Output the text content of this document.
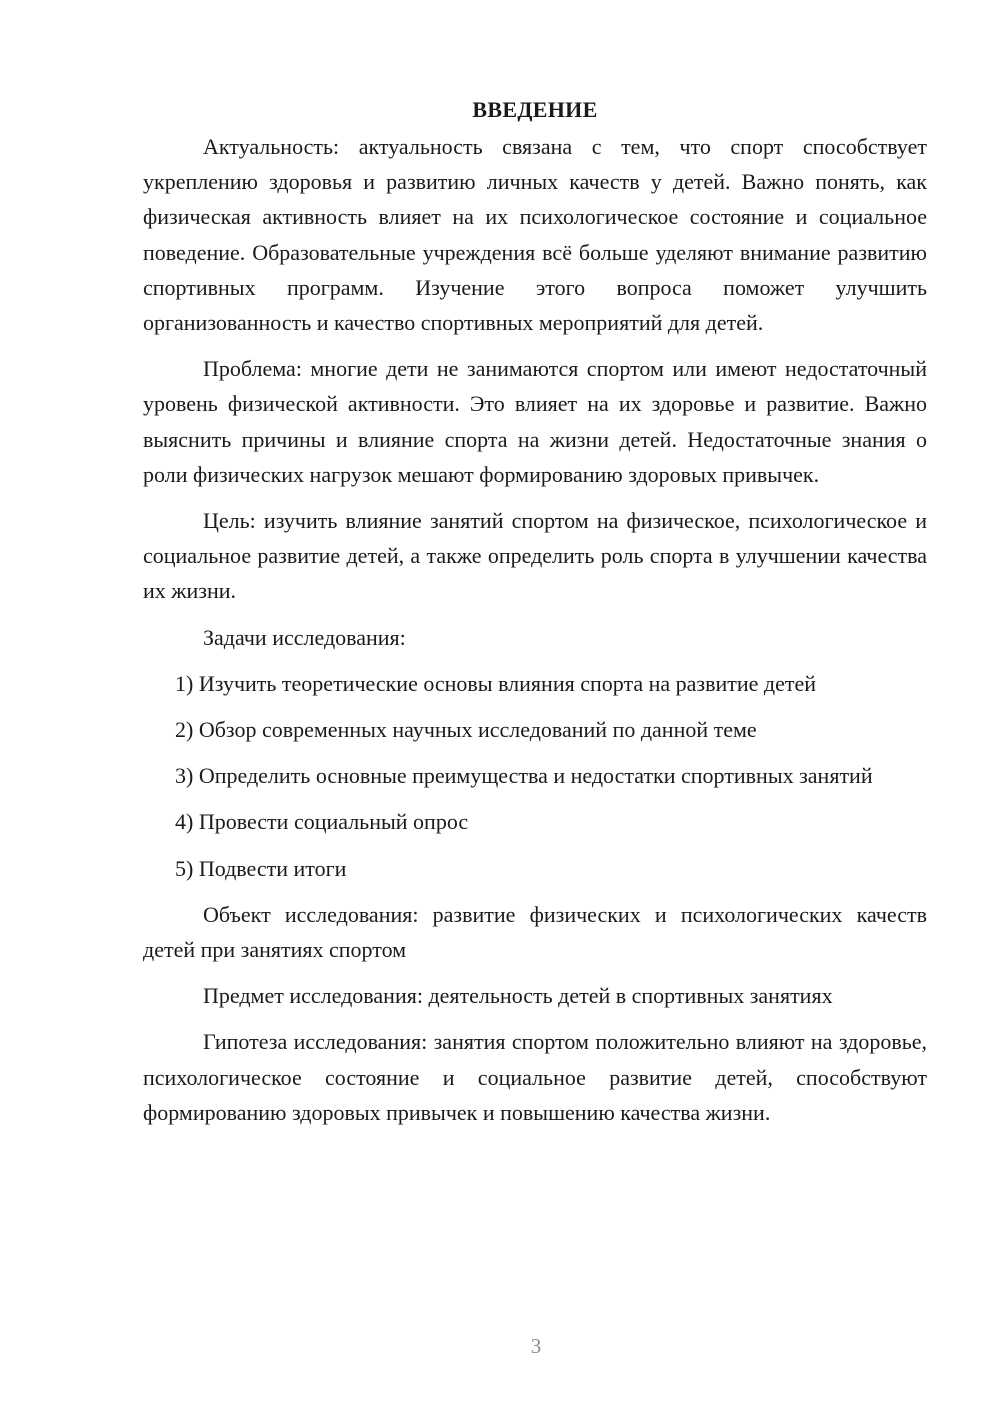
ВВЕДЕНИЕ

Актуальность: актуальность связана с тем, что спорт способствует укреплению здоровья и развитию личных качеств у детей. Важно понять, как физическая активность влияет на их психологическое состояние и социальное поведение. Образовательные учреждения всё больше уделяют внимание развитию спортивных программ. Изучение этого вопроса поможет улучшить организованность и качество спортивных мероприятий для детей.

Проблема: многие дети не занимаются спортом или имеют недостаточный уровень физической активности. Это влияет на их здоровье и развитие. Важно выяснить причины и влияние спорта на жизни детей. Недостаточные знания о роли физических нагрузок мешают формированию здоровых привычек.

Цель: изучить влияние занятий спортом на физическое, психологическое и социальное развитие детей, а также определить роль спорта в улучшении качества их жизни.

Задачи исследования:

1) Изучить теоретические основы влияния спорта на развитие детей

2) Обзор современных научных исследований по данной теме

3) Определить основные преимущества и недостатки спортивных занятий

4) Провести социальный опрос

5) Подвести итоги

Объект исследования: развитие физических и психологических качеств детей при занятиях спортом

Предмет исследования: деятельность детей в спортивных занятиях

Гипотеза исследования: занятия спортом положительно влияют на здоровье, психологическое состояние и социальное развитие детей, способствуют формированию здоровых привычек и повышению качества жизни.

3
